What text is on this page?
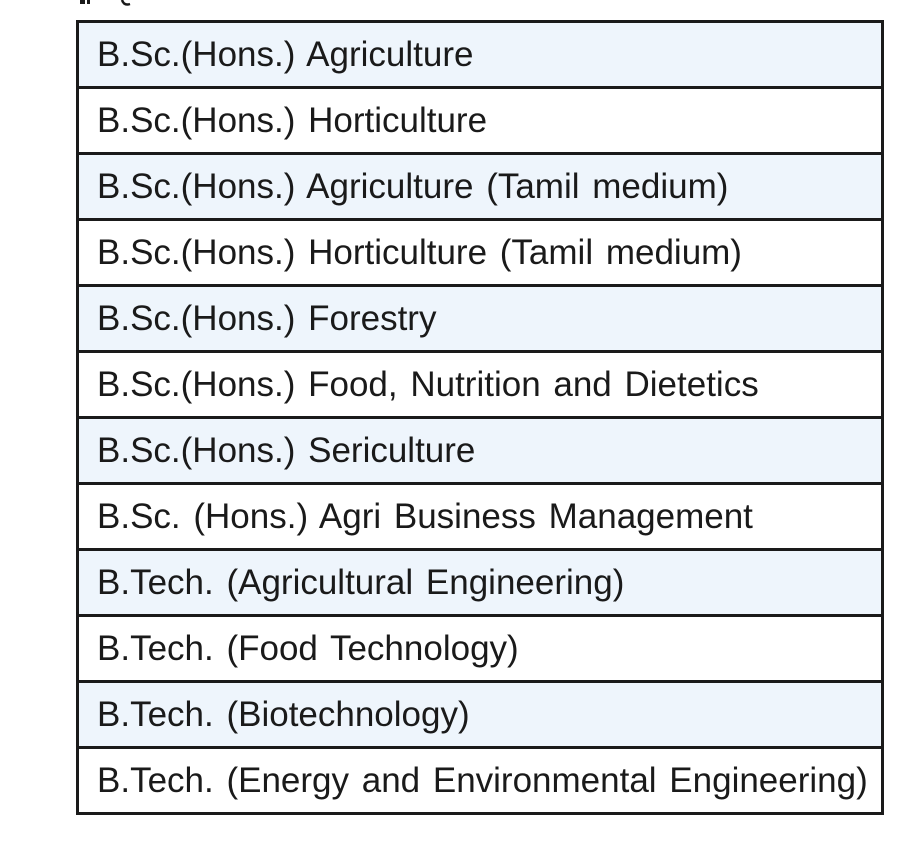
B.Sc.(Hons.) Agriculture
B.Sc.(Hons.) Horticulture
B.Sc.(Hons.) Agriculture (Tamil medium)
B.Sc.(Hons.) Horticulture (Tamil medium)
B.Sc.(Hons.) Forestry
B.Sc.(Hons.) Food, Nutrition and Dietetics
B.Sc.(Hons.) Sericulture
B.Sc. (Hons.) Agri Business Management
B.Tech. (Agricultural Engineering)
B.Tech. (Food Technology)
B.Tech. (Biotechnology)
B.Tech. (Energy and Environmental Engineering)
